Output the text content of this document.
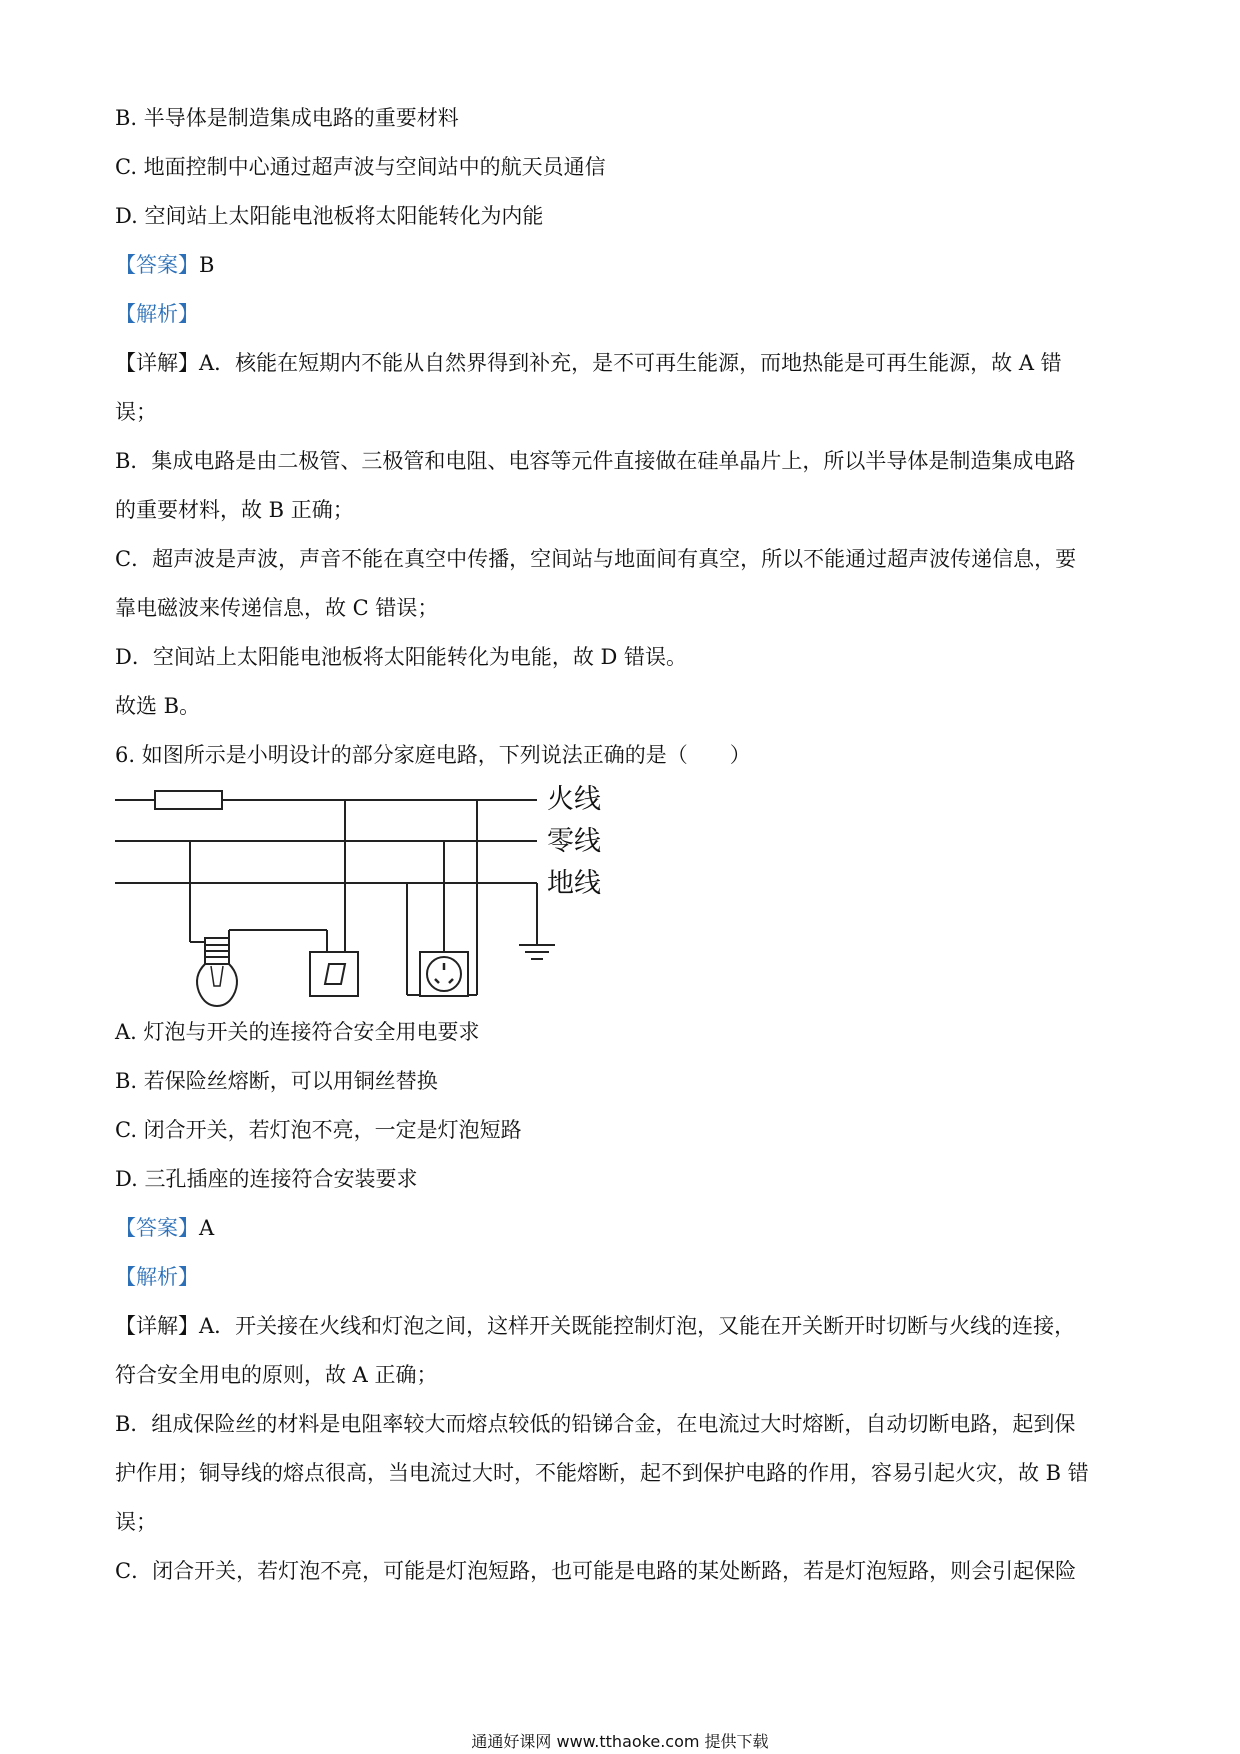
B. 半导体是制造集成电路的重要材料
C. 地面控制中心通过超声波与空间站中的航天员通信
D. 空间站上太阳能电池板将太阳能转化为内能
【答案】B
【解析】
【详解】A．核能在短期内不能从自然界得到补充，是不可再生能源，而地热能是可再生能源，故 A 错
误；
B．集成电路是由二极管、三极管和电阻、电容等元件直接做在硅单晶片上，所以半导体是制造集成电路
的重要材料，故 B 正确；
C．超声波是声波，声音不能在真空中传播，空间站与地面间有真空，所以不能通过超声波传递信息，要
靠电磁波来传递信息，故 C 错误；
D．空间站上太阳能电池板将太阳能转化为电能，故 D 错误。
故选 B。
6. 如图所示是小明设计的部分家庭电路，下列说法正确的是（　　）
火线
零线
地线
A. 灯泡与开关的连接符合安全用电要求
B. 若保险丝熔断，可以用铜丝替换
C. 闭合开关，若灯泡不亮，一定是灯泡短路
D. 三孔插座的连接符合安装要求
【答案】A
【解析】
【详解】A．开关接在火线和灯泡之间，这样开关既能控制灯泡，又能在开关断开时切断与火线的连接，
符合安全用电的原则，故 A 正确；
B．组成保险丝的材料是电阻率较大而熔点较低的铅锑合金，在电流过大时熔断，自动切断电路，起到保
护作用；铜导线的熔点很高，当电流过大时，不能熔断，起不到保护电路的作用，容易引起火灾，故 B 错
误；
C．闭合开关，若灯泡不亮，可能是灯泡短路，也可能是电路的某处断路，若是灯泡短路，则会引起保险
通通好课网 www.tthaoke.com 提供下载
